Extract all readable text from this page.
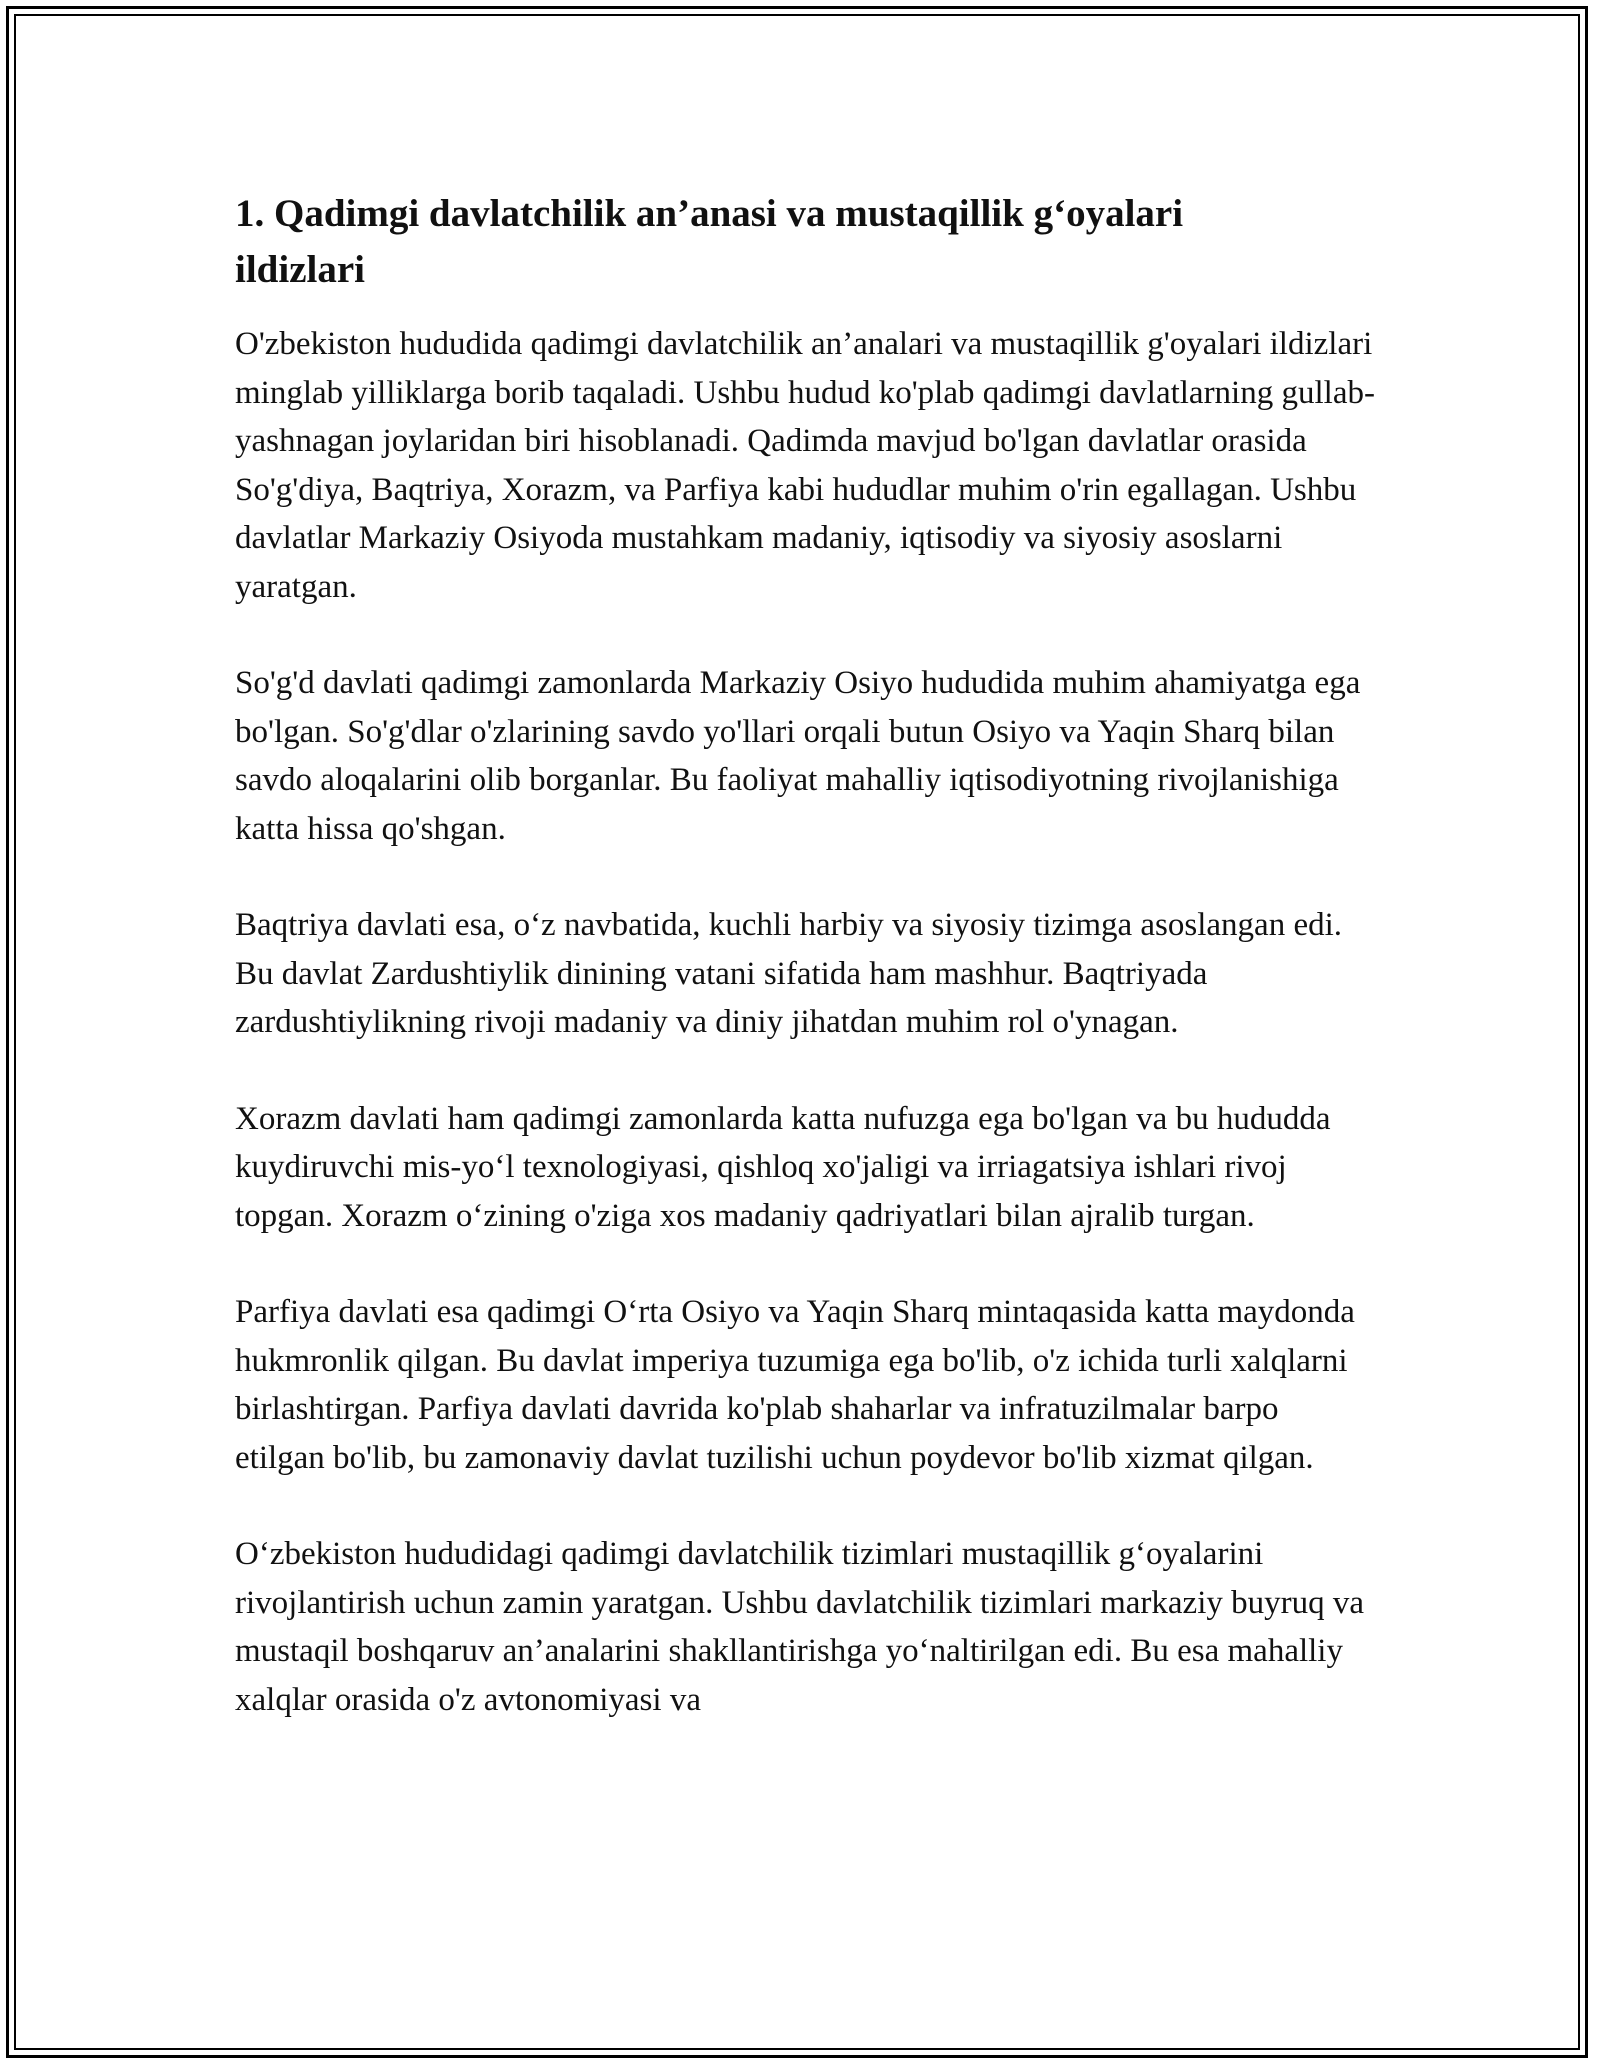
1. Qadimgi davlatchilik an’anasi va mustaqillik g‘oyalari ildizlari

O'zbekiston hududida qadimgi davlatchilik an’analari va mustaqillik g'oyalari ildizlari minglab yilliklarga borib taqaladi. Ushbu hudud ko'plab qadimgi davlatlarning gullab-yashnagan joylaridan biri hisoblanadi. Qadimda mavjud bo'lgan davlatlar orasida So'g'diya, Baqtriya, Xorazm, va Parfiya kabi hududlar muhim o'rin egallagan. Ushbu davlatlar Markaziy Osiyoda mustahkam madaniy, iqtisodiy va siyosiy asoslarni yaratgan.

So'g'd davlati qadimgi zamonlarda Markaziy Osiyo hududida muhim ahamiyatga ega bo'lgan. So'g'dlar o'zlarining savdo yo'llari orqali butun Osiyo va Yaqin Sharq bilan savdo aloqalarini olib borganlar. Bu faoliyat mahalliy iqtisodiyotning rivojlanishiga katta hissa qo'shgan.

Baqtriya davlati esa, o‘z navbatida, kuchli harbiy va siyosiy tizimga asoslangan edi. Bu davlat Zardushtiylik dinining vatani sifatida ham mashhur. Baqtriyada zardushtiylikning rivoji madaniy va diniy jihatdan muhim rol o'ynagan.

Xorazm davlati ham qadimgi zamonlarda katta nufuzga ega bo'lgan va bu hududda kuydiruvchi mis-yo‘l texnologiyasi, qishloq xo'jaligi va irriagatsiya ishlari rivoj topgan. Xorazm o‘zining o'ziga xos madaniy qadriyatlari bilan ajralib turgan.

Parfiya davlati esa qadimgi O‘rta Osiyo va Yaqin Sharq mintaqasida katta maydonda hukmronlik qilgan. Bu davlat imperiya tuzumiga ega bo'lib, o'z ichida turli xalqlarni birlashtirgan. Parfiya davlati davrida ko'plab shaharlar va infratuzilmalar barpo etilgan bo'lib, bu zamonaviy davlat tuzilishi uchun poydevor bo'lib xizmat qilgan.

O‘zbekiston hududidagi qadimgi davlatchilik tizimlari mustaqillik g‘oyalarini rivojlantirish uchun zamin yaratgan. Ushbu davlatchilik tizimlari markaziy buyruq va mustaqil boshqaruv an’analarini shakllantirishga yo‘naltirilgan edi. Bu esa mahalliy xalqlar orasida o'z avtonomiyasi va
